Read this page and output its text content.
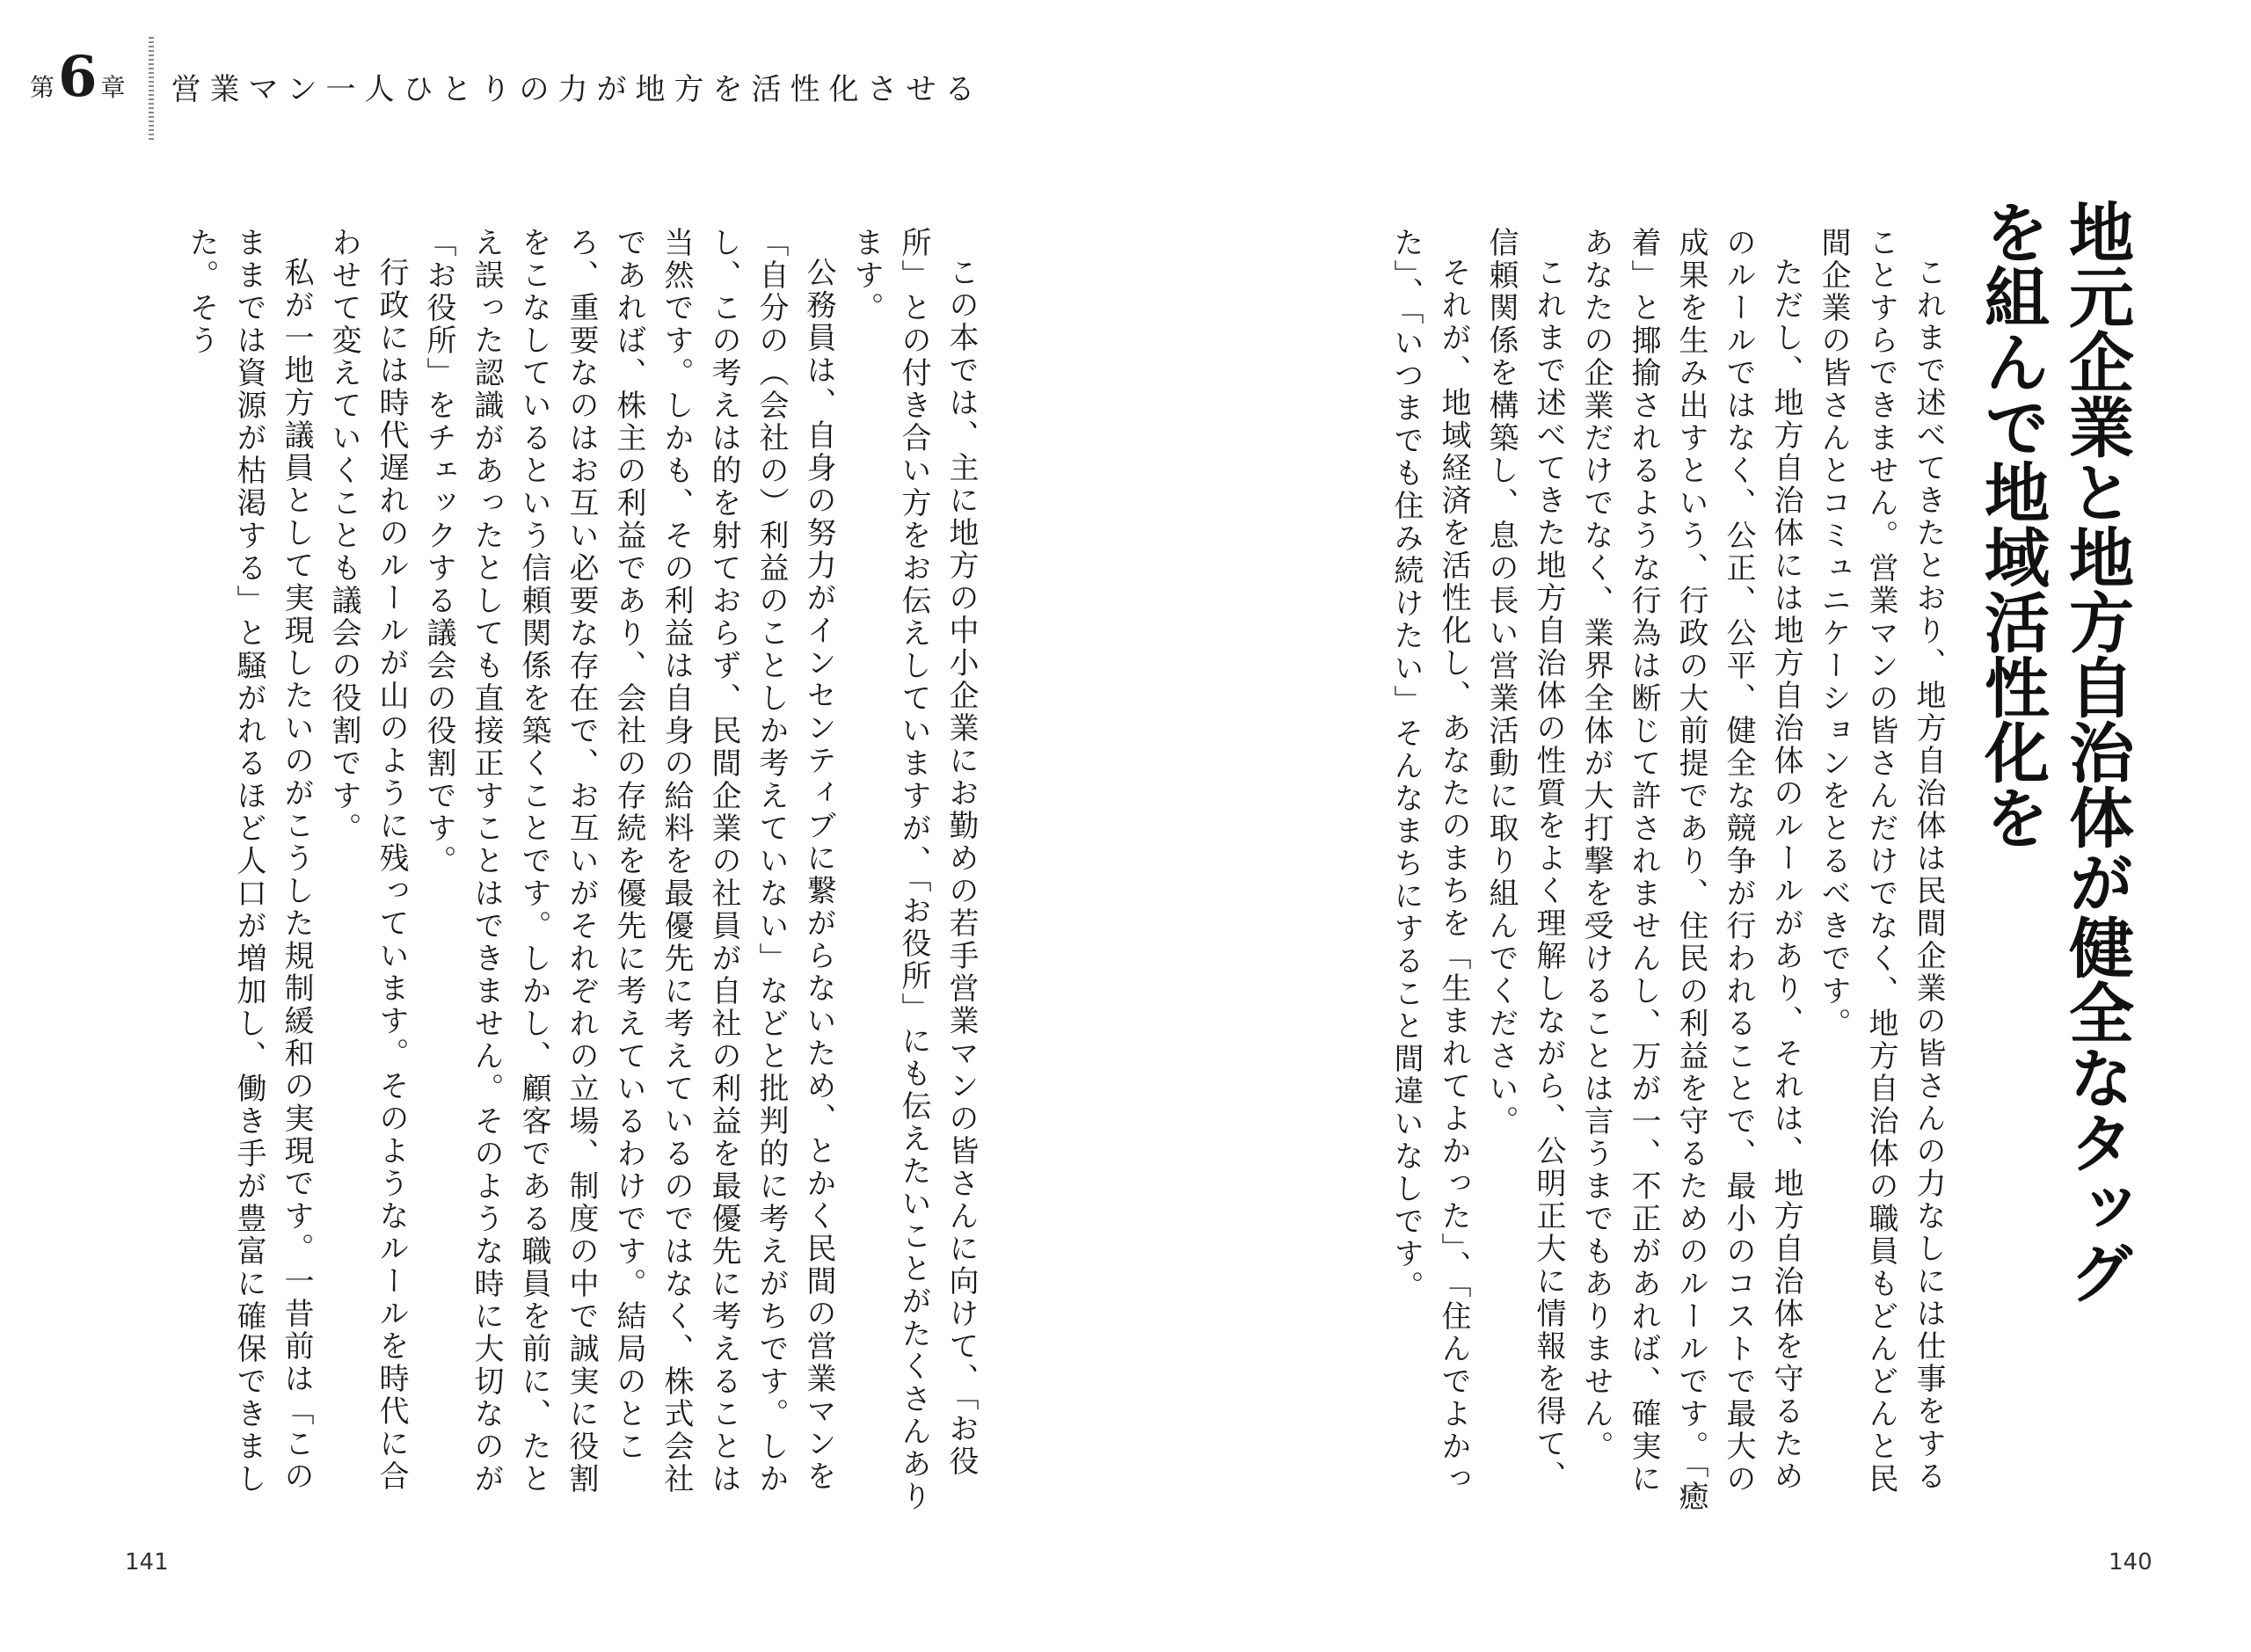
第 6 章 営業マン一人ひとりの力が地方を活性化させる
地元企業と地方自治体が健全なタッグを組んで地域活性化を

これまで述べてきたとおり、地方自治体は民間企業の皆さんの力なしには仕事をすることすらできません。営業マンの皆さんだけでなく、地方自治体の職員もどんどんと民間企業の皆さんとコミュニケーションをとるべきです。

ただし、地方自治体には地方自治体のルールがあり、それは、地方自治体を守るためのルールではなく、公正、公平、健全な競争が行われることで、最小のコストで最大の成果を生み出すという、行政の大前提であり、住民の利益を守るためのルールです。「癒着」と揶揄されるような行為は断じて許されませんし、万が一、不正があれば、確実にあなたの企業だけでなく、業界全体が大打撃を受けることは言うまでもありません。

これまで述べてきた地方自治体の性質をよく理解しながら、公明正大に情報を得て、信頼関係を構築し、息の長い営業活動に取り組んでください。

それが、地域経済を活性化し、あなたのまちを「生まれてよかった」、「住んでよかった」、「いつまでも住み続けたい」そんなまちにすること間違いなしです。

この本では、主に地方の中小企業にお勤めの若手営業マンの皆さんに向けて、「お役所」との付き合い方をお伝えしていますが、「お役所」にも伝えたいことがたくさんあります。

公務員は、自身の努力がインセンティブに繋がらないため、とかく民間の営業マンを「自分の（会社の）利益のことしか考えていない」などと批判的に考えがちです。しかし、この考えは的を射ておらず、民間企業の社員が自社の利益を最優先に考えることは当然です。しかも、その利益は自身の給料を最優先に考えているのではなく、株式会社であれば、株主の利益であり、会社の存続を優先に考えているわけです。結局のところ、重要なのはお互い必要な存在で、お互いがそれぞれの立場、制度の中で誠実に役割をこなしているという信頼関係を築くことです。しかし、顧客である職員を前に、たとえ誤った認識があったとしても直接正すことはできません。そのような時に大切なのが「お役所」をチェックする議会の役割です。

行政には時代遅れのルールが山のように残っています。そのようなルールを時代に合わせて変えていくことも議会の役割です。

私が一地方議員として実現したいのがこうした規制緩和の実現です。一昔前は「このままでは資源が枯渇する」と騒がれるほど人口が増加し、働き手が豊富に確保できました。そう

141	140
